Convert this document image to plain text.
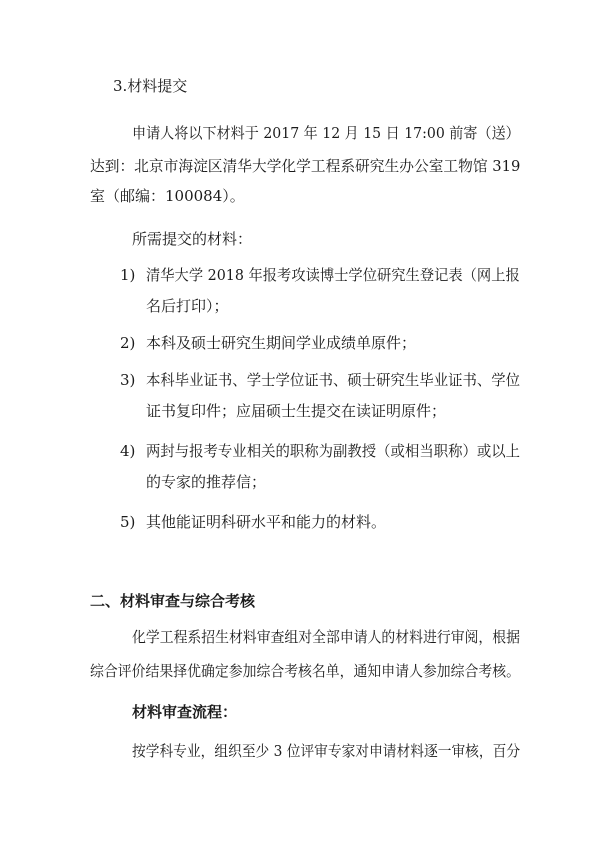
3.材料提交
申请人将以下材料于 2017 年 12 月 15 日 17:00 前寄（送）
达到：北京市海淀区清华大学化学工程系研究生办公室工物馆 319
室（邮编：100084）。
所需提交的材料：
1) 清华大学 2018 年报考攻读博士学位研究生登记表（网上报
名后打印）；
2) 本科及硕士研究生期间学业成绩单原件；
3) 本科毕业证书、学士学位证书、硕士研究生毕业证书、学位
证书复印件；应届硕士生提交在读证明原件；
4) 两封与报考专业相关的职称为副教授（或相当职称）或以上
的专家的推荐信；
5) 其他能证明科研水平和能力的材料。
二、材料审查与综合考核
化学工程系招生材料审查组对全部申请人的材料进行审阅，根据
综合评价结果择优确定参加综合考核名单，通知申请人参加综合考核。
材料审查流程：
按学科专业，组织至少 3 位评审专家对申请材料逐一审核，百分
